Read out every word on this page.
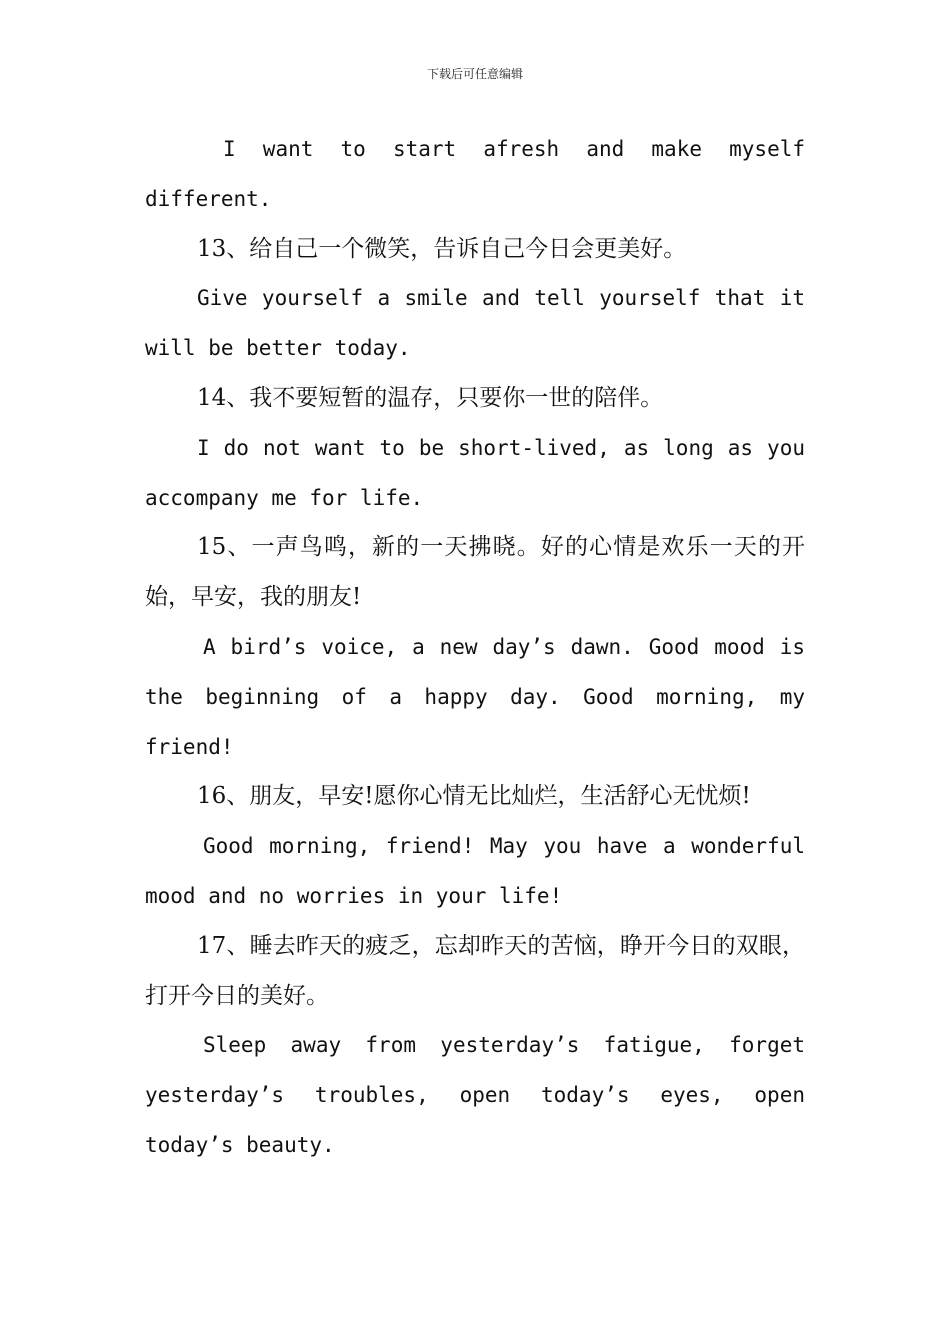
下载后可任意编辑

I want to start afresh and make myself different.

13、给自己一个微笑，告诉自己今日会更美好。

Give yourself a smile and tell yourself that it will be better today.

14、我不要短暂的温存，只要你一世的陪伴。

I do not want to be short-lived, as long as you accompany me for life.

15、一声鸟鸣，新的一天拂晓。好的心情是欢乐一天的开始，早安，我的朋友!

A bird’s voice, a new day’s dawn. Good mood is the beginning of a happy day. Good morning, my friend!

16、朋友，早安!愿你心情无比灿烂，生活舒心无忧烦!

Good morning, friend! May you have a wonderful mood and no worries in your life!

17、睡去昨天的疲乏，忘却昨天的苦恼，睁开今日的双眼，打开今日的美好。

Sleep away from yesterday’s fatigue, forget yesterday’s troubles, open today’s eyes, open today’s beauty.
